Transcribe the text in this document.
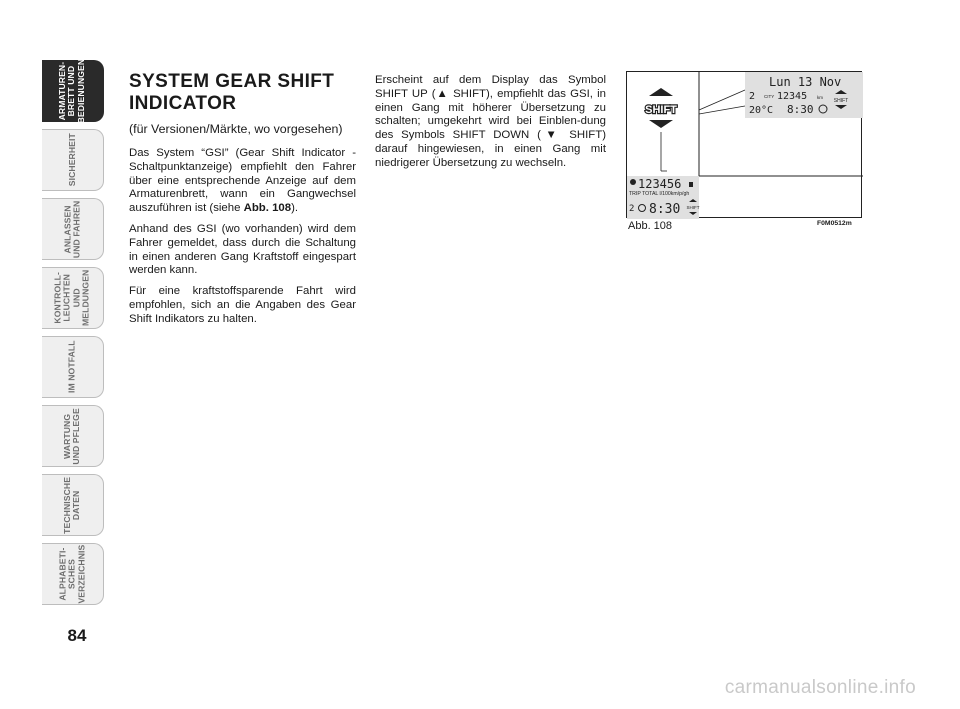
ARMATUREN-
BRETT UND
BEDIENUNGEN
SICHERHEIT
ANLASSEN
UND FAHREN
KONTROLL-
LEUCHTEN UND
MELDUNGEN
IM NOTFALL
WARTUNG
UND PFLEGE
TECHNISCHE
DATEN
ALPHABETI-
SCHES
VERZEICHNIS
84
SYSTEM GEAR SHIFT
INDICATOR
(für Versionen/Märkte, wo vorgesehen)

Das System “GSI” (Gear Shift Indicator - Schaltpunktanzeige) empfiehlt den Fahrer über eine entsprechende Anzeige auf dem Armaturenbrett, wann ein Gangwechsel auszuführen ist (siehe Abb. 108).

Anhand des GSI (wo vorhanden) wird dem Fahrer gemeldet, dass durch die Schaltung in einen anderen Gang Kraftstoff eingespart werden kann.

Für eine kraftstoffsparende Fahrt wird empfohlen, sich an die Angaben des Gear Shift Indikators zu halten.

Erscheint auf dem Display das Symbol SHIFT UP (▲ SHIFT), empfiehlt das GSI, in einen Gang mit höherer Übersetzung zu schalten; umgekehrt wird bei Einblen-dung des Symbols SHIFT DOWN (▼ SHIFT) darauf hingewiesen, in einen Gang mit niedrigerer Übersetzung zu wechseln.

SHIFT
Lun 13 Nov
2 CITY 12345 km
20°C 8:30
SHIFT
123456
TRIP TOTAL l/100km/p/gh
2 8:30 SHIFT
Abb. 108	F0M0512m
carmanualsonline.info
